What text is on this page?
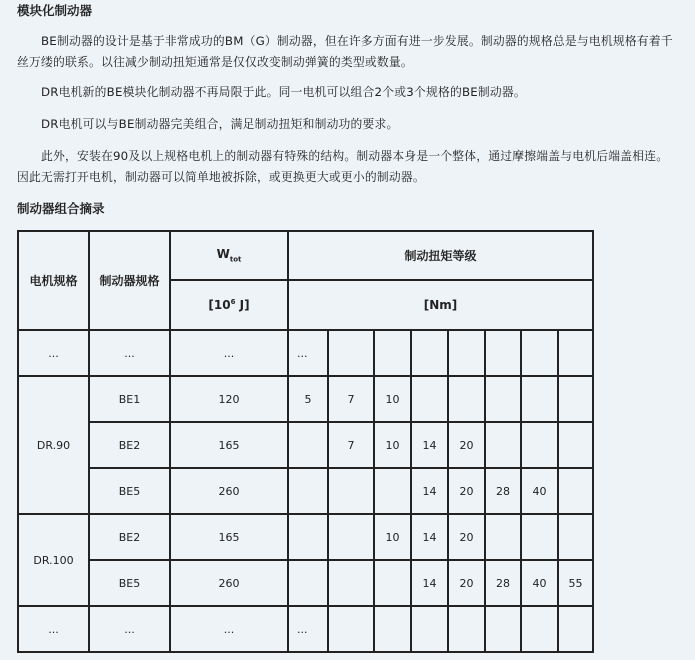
模块化制动器
BE制动器的设计是基于非常成功的BM（G）制动器，但在许多方面有进一步发展。制动器的规格总是与电机规格有着千丝万缕的联系。以往减少制动扭矩通常是仅仅改变制动弹簧的类型或数量。
DR电机新的BE模块化制动器不再局限于此。同一电机可以组合2个或3个规格的BE制动器。
DR电机可以与BE制动器完美组合，满足制动扭矩和制动功的要求。
此外，安装在90及以上规格电机上的制动器有特殊的结构。制动器本身是一个整体，通过摩擦端盖与电机后端盖相连。因此无需打开电机，制动器可以简单地被拆除，或更换更大或更小的制动器。
制动器组合摘录
电机规格	制动器规格	$W_{tot}$	制动扭矩等级							
		[$10^6$ J]	[Nm]							
...	...	...	...							
DR.90	BE1	120	5	7	10					
	BE2	165		7	10	14	20			
	BE5	260				14	20	28	40	
DR.100	BE2	165			10	14	20			
	BE5	260				14	20	28	40	55
...	...	...	...							
